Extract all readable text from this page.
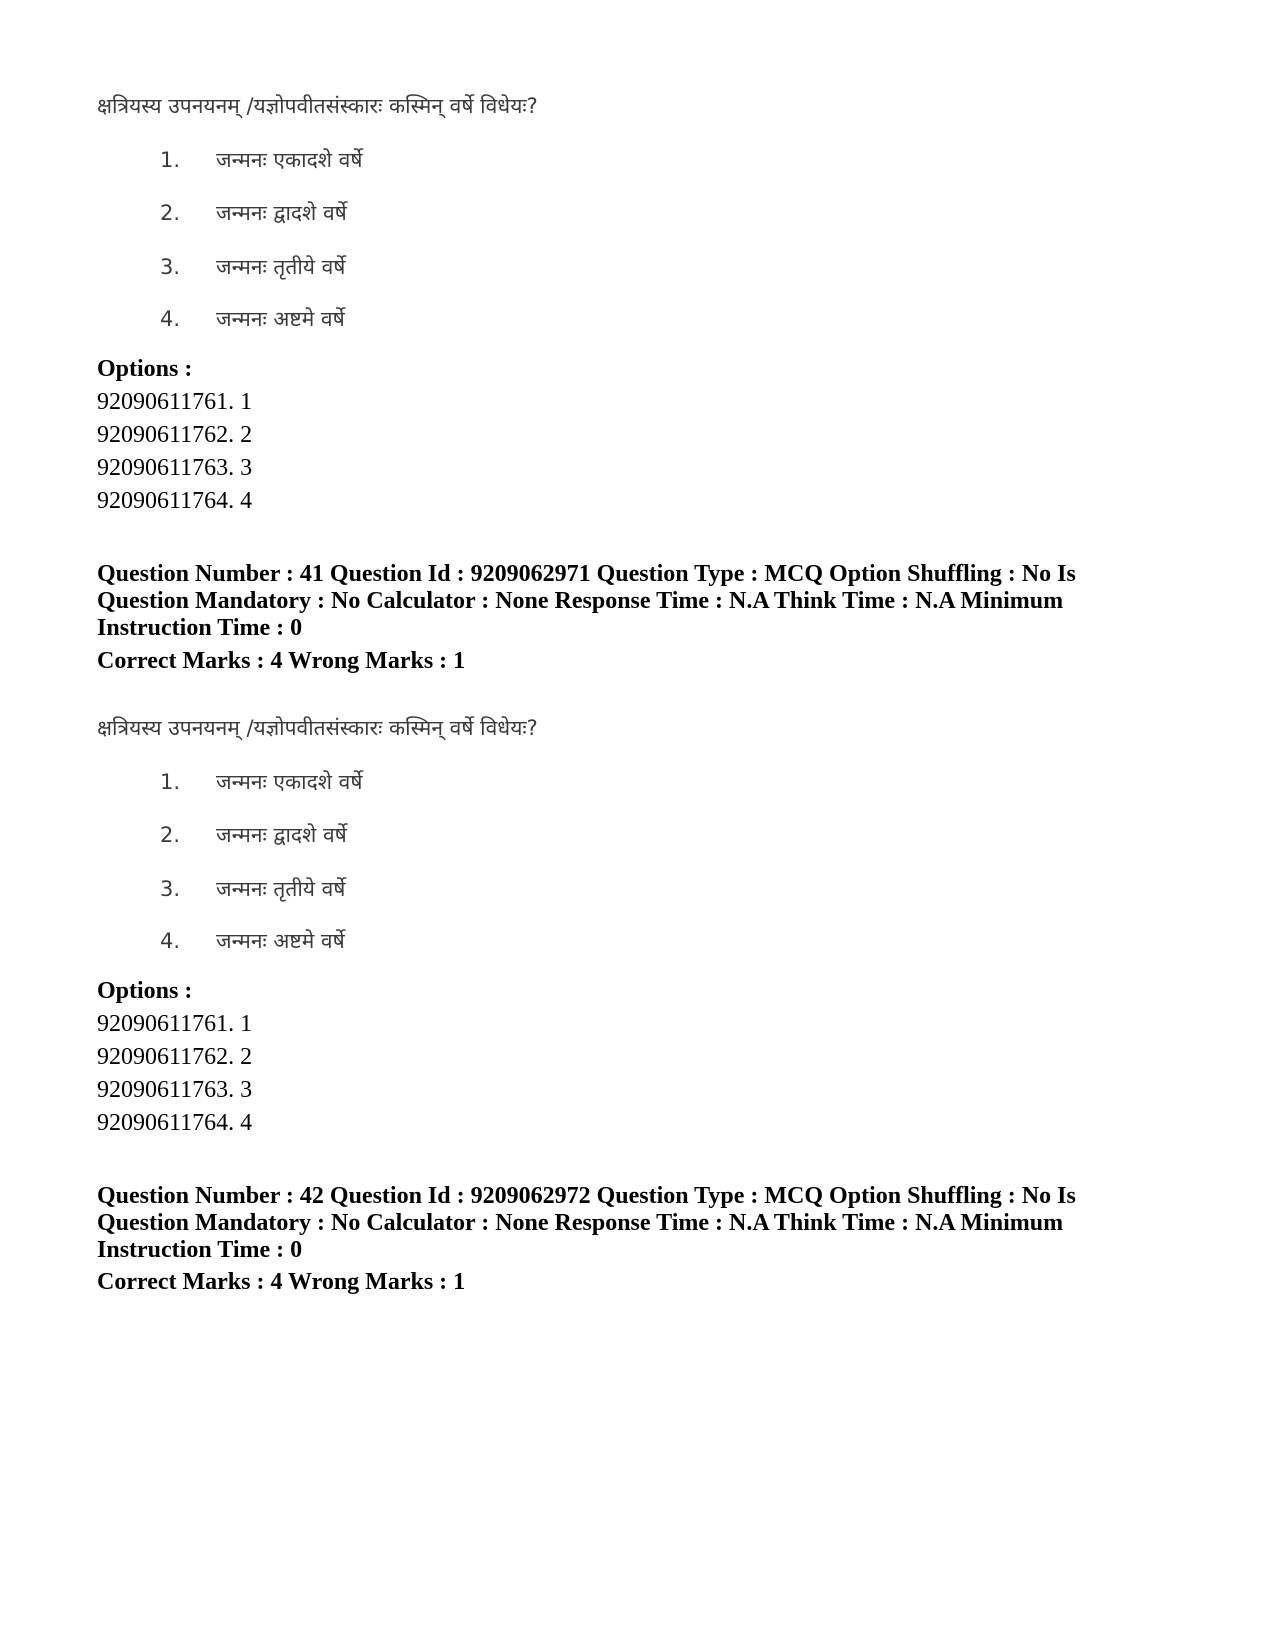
क्षत्रियस्य उपनयनम् /यज्ञोपवीतसंस्कारः कस्मिन् वर्षे विधेयः?
1. जन्मनः एकादशे वर्षे
2. जन्मनः द्वादशे वर्षे
3. जन्मनः तृतीये वर्षे
4. जन्मनः अष्टमे वर्षे
Options :
92090611761. 1
92090611762. 2
92090611763. 3
92090611764. 4
Question Number : 41 Question Id : 9209062971 Question Type : MCQ Option Shuffling : No Is Question Mandatory : No Calculator : None Response Time : N.A Think Time : N.A Minimum Instruction Time : 0
Correct Marks : 4 Wrong Marks : 1
क्षत्रियस्य उपनयनम् /यज्ञोपवीतसंस्कारः कस्मिन् वर्षे विधेयः?
1. जन्मनः एकादशे वर्षे
2. जन्मनः द्वादशे वर्षे
3. जन्मनः तृतीये वर्षे
4. जन्मनः अष्टमे वर्षे
Options :
92090611761. 1
92090611762. 2
92090611763. 3
92090611764. 4
Question Number : 42 Question Id : 9209062972 Question Type : MCQ Option Shuffling : No Is Question Mandatory : No Calculator : None Response Time : N.A Think Time : N.A Minimum Instruction Time : 0
Correct Marks : 4 Wrong Marks : 1
